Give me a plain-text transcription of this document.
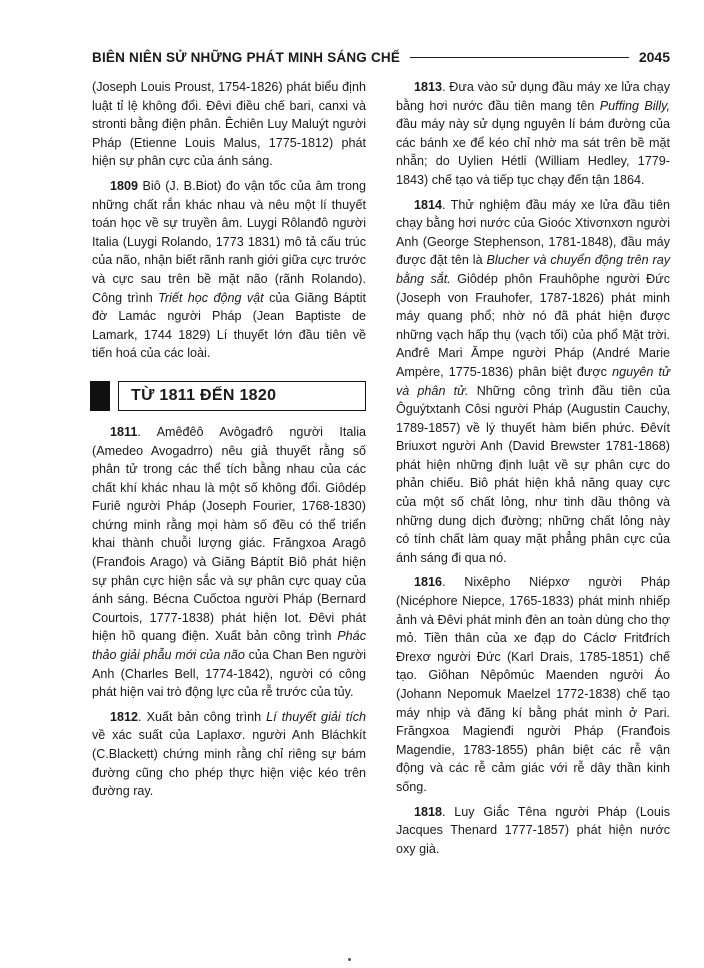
BIÊN NIÊN SỬ NHỮNG PHÁT MINH SÁNG CHẾ	2045

(Joseph Louis Proust, 1754-1826) phát biểu định luật tỉ lệ không đổi. Đêvi điều chế bari, canxi và stronti bằng điện phân. Êchiên Luy Maluýt người Pháp (Etienne Louis Malus, 1775-1812) phát hiện sự phân cực của ánh sáng.

1809 Biô (J. B.Biot) đo vận tốc của âm trong những chất rắn khác nhau và nêu một lí thuyết toán học về sự truyền âm. Luygi Rôlanđô người Italia (Luygi Rolando, 1773 1831) mô tả cấu trúc của não, nhận biết rãnh ranh giới giữa cực trước và cực sau trên bề mặt não (rãnh Rolando). Công trình Triết học động vật của Giăng Báptit đờ Lamác người Pháp (Jean Baptiste de Lamark, 1744 1829) Lí thuyết lớn đầu tiên về tiến hoá của các loài.

TỪ 1811 ĐẾN 1820

1811. Amêđêô Avôgađrô người Italia (Amedeo Avogadrro) nêu giả thuyết rằng số phân tử trong các thể tích bằng nhau của các chất khí khác nhau là một số không đổi. Giôdép Furiê người Pháp (Joseph Fourier, 1768-1830) chứng minh rằng mọi hàm số đều có thể triển khai thành chuỗi lượng giác. Frăngxoa Aragô (Franđois Arago) và Giăng Báptít Biô phát hiện sự phân cực hiện sắc và sự phân cực quay của ánh sáng. Bécna Cuốctoa người Pháp (Bernard Courtois, 1777-1838) phát hiện Iot. Đêvi phát hiện hồ quang điện. Xuất bản công trình Phác thảo giải phẫu mới của não của Chan Ben người Anh (Charles Bell, 1774-1842), người có công phát hiện vai trò động lực của rễ trước của tủy.

1812. Xuất bản công trình Lí thuyết giải tích về xác suất của Laplaxơ. người Anh Bláchkít (C.Blackett) chứng minh rằng chỉ riêng sự bám đường cũng cho phép thực hiện việc kéo trên đường ray.

1813. Đưa vào sử dụng đầu máy xe lửa chạy bằng hơi nước đầu tiên mang tên Puffing Billy, đầu máy này sử dụng nguyên lí bám đường của các bánh xe để kéo chỉ nhờ ma sát trên bề mặt nhẵn; do Uylien Hétli (William Hedley, 1779-1843) chế tạo và tiếp tục chạy đến tận 1864.

1814. Thử nghiệm đầu máy xe lửa đầu tiên chạy bằng hơi nước của Gioóc Xtivơnxơn người Anh (George Stephenson, 1781-1848), đầu máy được đặt tên là Blucher và chuyển động trên ray bằng sắt. Giôdép phôn Frauhôphe người Đức (Joseph von Frauhofer, 1787-1826) phát minh máy quang phổ; nhờ nó đã phát hiện được những vạch hấp thụ (vạch tối) của phổ Mặt trời. Anđrê Mari Ămpe người Pháp (André Marie Ampère, 1775-1836) phân biệt được nguyên tử và phân tử. Những công trình đầu tiên của Ôguýtxtanh Côsi người Pháp (Augustin Cauchy, 1789-1857) về lý thuyết hàm biến phức. Đêvít Briuxơt người Anh (David Brewster 1781-1868) phát hiện những định luật về sự phân cực do phản chiếu. Biô phát hiện khả năng quay cực của một số chất lỏng, như tinh dầu thông và những dung dịch đường; những chất lỏng này có tính chất làm quay mặt phẳng phân cực của ánh sáng đi qua nó.

1816. Nixêpho Niépxơ người Pháp (Nicéphore Niepce, 1765-1833) phát minh nhiếp ảnh và Đêvi phát minh đèn an toàn dùng cho thợ mỏ. Tiền thân của xe đạp do Cáclơ Fritđrích Đrexơ người Đức (Karl Drais, 1785-1851) chế tạo. Giôhan Nêpômúc Maenden người Áo (Johann Nepomuk Maelzel 1772-1838) chế tạo máy nhịp và đăng kí bằng phát minh ở Pari. Frăngxoa Magienđi người Pháp (Franđois Magendie, 1783-1855) phân biệt các rễ vận động và các rễ cảm giác với rễ dây thần kinh sống.

1818. Luy Giắc Têna người Pháp (Louis Jacques Thenard 1777-1857) phát hiện nước oxy già.
